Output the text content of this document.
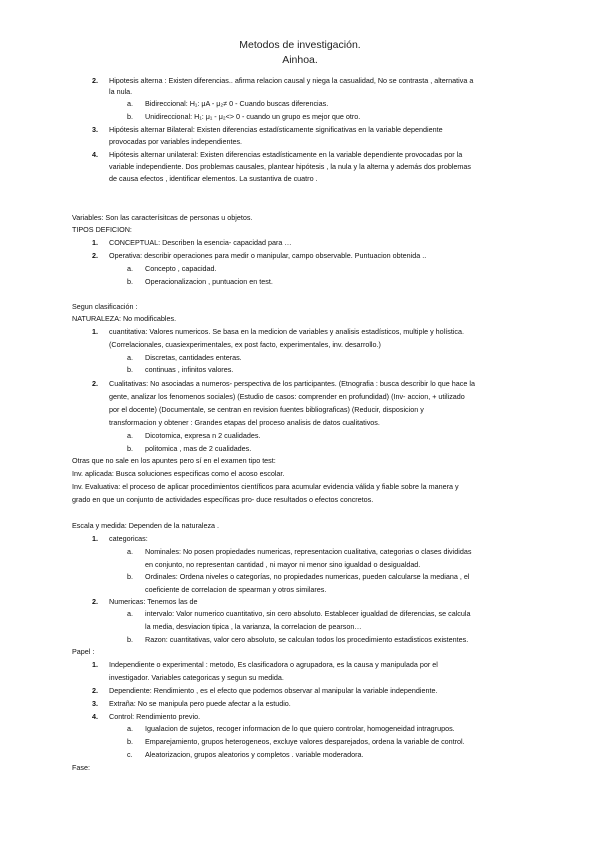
Metodos de investigación.
Ainhoa.
2. Hipotesis alterna : Existen diferencias.. afirma relacion causal y niega la casualidad, No se contrasta , alternativa a
la nula.
a. Bidireccional: H₁: μA - μ₂≠ 0 - Cuando buscas diferencias.
b. Unidireccional: H₁: μ₁ - μ₂<> 0 - cuando un grupo es mejor que otro.
3. Hipótesis alternar Bilateral: Existen diferencias estadísticamente significativas en la variable dependiente
provocadas por variables independientes.
4. Hipótesis alternar unilateral: Existen diferencias estadísticamente en la variable dependiente provocadas por la
variable independiente. Dos problemas causales, plantear hipótesis , la nula y la alterna y además dos problemas
de causa efectos , identificar elementos. La sustantiva de cuatro .
Variables: Son las caracterísitcas de personas u objetos.
TIPOS DEFICION:
1. CONCEPTUAL: Describen la esencia- capacidad para …
2. Operativa: describir operaciones para medir o manipular, campo observable. Puntuacion obtenida ..
a. Concepto , capacidad.
b. Operacionalizacion , puntuacion en test.
Segun clasificación :
NATURALEZA: No modificables.
1. cuantitativa: Valores numericos. Se basa en la medicion de variables y analisis estadísticos, multiple y holística.
(Correlacionales, cuasiexperimentales, ex post facto, experimentales, inv. desarrollo.)
a. Discretas, cantidades enteras.
b. continuas , infinitos valores.
2. Cualitativas: No asociadas a numeros- perspectiva de los participantes. (Etnografia : busca describir lo que hace la
gente, analizar los fenomenos sociales) (Estudio de casos: comprender en profundidad) (Inv- accion, + utilizado
por el docente) (Documentale, se centran en revision fuentes bibliograficas) (Reducir, disposicion y
transformacion y obtener : Grandes etapas del proceso analisis de datos cualitativos.
a. Dicotomica, expresa n 2 cualidades.
b. politomica , mas de 2 cualidades.
Otras que no sale en los apuntes pero sí en el examen tipo test:
Inv. aplicada: Busca soluciones especificas como el acoso escolar.
Inv. Evaluativa: el proceso de aplicar procedimientos científicos para acumular evidencia válida y fiable sobre la manera y
grado en que un conjunto de actividades específicas pro- duce resultados o efectos concretos.
Escala y medida: Dependen de la naturaleza .
1. categoricas:
a. Nominales: No posen propiedades numericas, representacion cualitativa, categorias o clases divididas
en conjunto, no representan cantidad , ni mayor ni menor sino igualdad o desigualdad.
b. Ordinales: Ordena niveles o categorías, no propiedades numericas, pueden calcularse la mediana , el
coeficiente de correlacion de spearman y otros similares.
2. Numericas: Tenemos las de
a. intervalo: Valor numerico cuantitativo, sin cero absoluto. Establecer igualdad de diferencias, se calcula
la media, desviacion tipica , la varianza, la correlacion de pearson…
b. Razon: cuantitativas, valor cero absoluto, se calculan todos los procedimiento estadisticos existentes.
Papel :
1. Independiente o experimental : metodo, Es clasificadora o agrupadora, es la causa y manipulada por el
investigador. Variables categoricas y segun su medida.
2. Dependiente: Rendimiento , es el efecto que podemos observar al manipular la variable independiente.
3. Extraña: No se manipula pero puede afectar a la estudio.
4. Control: Rendimiento previo.
a. Igualacion de sujetos, recoger informacion de lo que quiero controlar, homogeneidad intragrupos.
b. Emparejamiento, grupos heterogeneos, excluye valores desparejados, ordena la variable de control.
c. Aleatorizacion, grupos aleatorios y completos . variable moderadora.
Fase:
